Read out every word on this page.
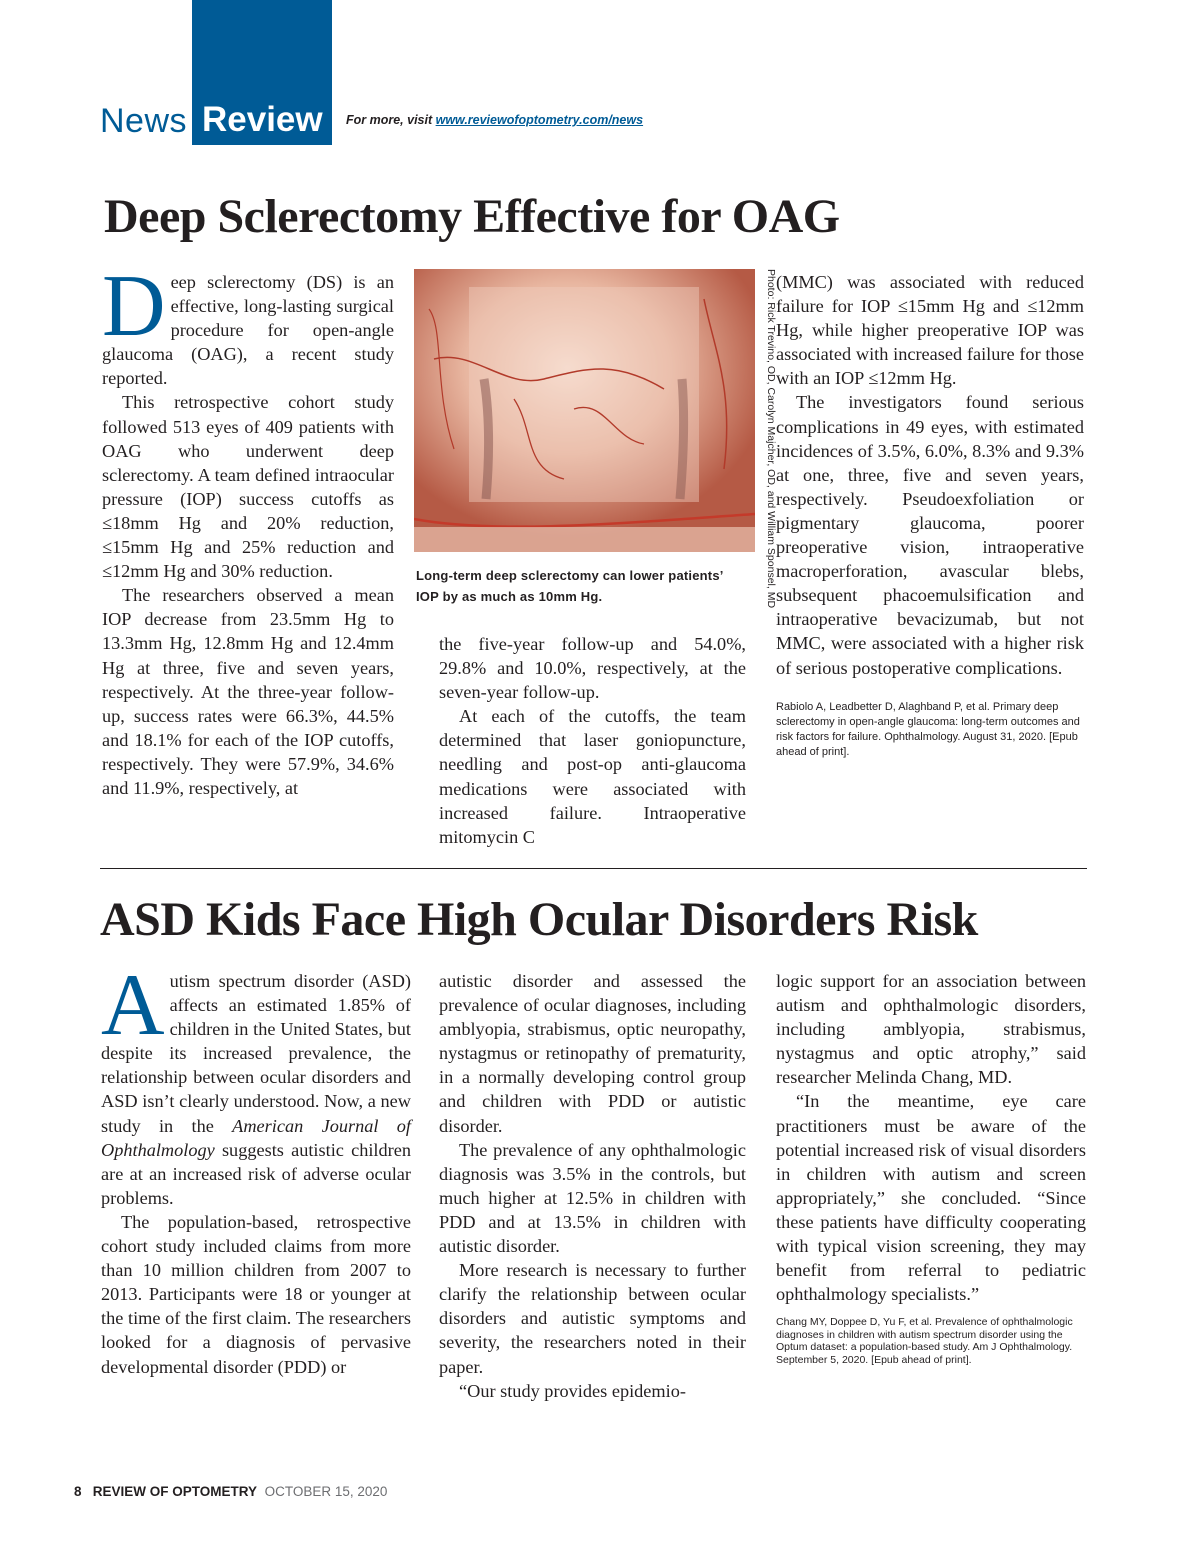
News Review For more, visit www.reviewofoptometry.com/news
Deep Sclerectomy Effective for OAG

Deep sclerectomy (DS) is an effective, long-lasting surgical procedure for open-angle glaucoma (OAG), a recent study reported.

This retrospective cohort study followed 513 eyes of 409 patients with OAG who underwent deep sclerectomy. A team defined intraocular pressure (IOP) success cutoffs as ≤18mm Hg and 20% reduction, ≤15mm Hg and 25% reduction and ≤12mm Hg and 30% reduction.

The researchers observed a mean IOP decrease from 23.5mm Hg to 13.3mm Hg, 12.8mm Hg and 12.4mm Hg at three, five and seven years, respectively. At the three-year follow-up, success rates were 66.3%, 44.5% and 18.1% for each of the IOP cutoffs, respectively. They were 57.9%, 34.6% and 11.9%, respectively, at

Photo: Rick Trevino, OD, Carolyn Majcher, OD, and William Sponsel, MD
Long-term deep sclerectomy can lower patients’ IOP by as much as 10mm Hg.

the five-year follow-up and 54.0%, 29.8% and 10.0%, respectively, at the seven-year follow-up.

At each of the cutoffs, the team determined that laser goniopuncture, needling and post-op anti-glaucoma medications were associated with increased failure. Intraoperative mitomycin C

(MMC) was associated with reduced failure for IOP ≤15mm Hg and ≤12mm Hg, while higher preoperative IOP was associated with increased failure for those with an IOP ≤12mm Hg.

The investigators found serious complications in 49 eyes, with estimated incidences of 3.5%, 6.0%, 8.3% and 9.3% at one, three, five and seven years, respectively. Pseudoexfoliation or pigmentary glaucoma, poorer preoperative vision, intraoperative macroperforation, avascular blebs, subsequent phacoemulsification and intraoperative bevacizumab, but not MMC, were associated with a higher risk of serious postoperative complications.

Rabiolo A, Leadbetter D, Alaghband P, et al. Primary deep sclerectomy in open-angle glaucoma: long-term outcomes and risk factors for failure. Ophthalmology. August 31, 2020. [Epub ahead of print].

ASD Kids Face High Ocular Disorders Risk

Autism spectrum disorder (ASD) affects an estimated 1.85% of children in the United States, but despite its increased prevalence, the relationship between ocular disorders and ASD isn’t clearly understood. Now, a new study in the American Journal of Ophthalmology suggests autistic children are at an increased risk of adverse ocular problems.

The population-based, retrospective cohort study included claims from more than 10 million children from 2007 to 2013. Participants were 18 or younger at the time of the first claim. The researchers looked for a diagnosis of pervasive developmental disorder (PDD) or

autistic disorder and assessed the prevalence of ocular diagnoses, including amblyopia, strabismus, optic neuropathy, nystagmus or retinopathy of prematurity, in a normally developing control group and children with PDD or autistic disorder.

The prevalence of any ophthalmologic diagnosis was 3.5% in the controls, but much higher at 12.5% in children with PDD and at 13.5% in children with autistic disorder.

More research is necessary to further clarify the relationship between ocular disorders and autistic symptoms and severity, the researchers noted in their paper.

“Our study provides epidemio-

logic support for an association between autism and ophthalmologic disorders, including amblyopia, strabismus, nystagmus and optic atrophy,” said researcher Melinda Chang, MD.

“In the meantime, eye care practitioners must be aware of the potential increased risk of visual disorders in children with autism and screen appropriately,” she concluded. “Since these patients have difficulty cooperating with typical vision screening, they may benefit from referral to pediatric ophthalmology specialists.”

Chang MY, Doppee D, Yu F, et al. Prevalence of ophthalmologic diagnoses in children with autism spectrum disorder using the Optum dataset: a population-based study. Am J Ophthalmology. September 5, 2020. [Epub ahead of print].

8 REVIEW OF OPTOMETRY OCTOBER 15, 2020
